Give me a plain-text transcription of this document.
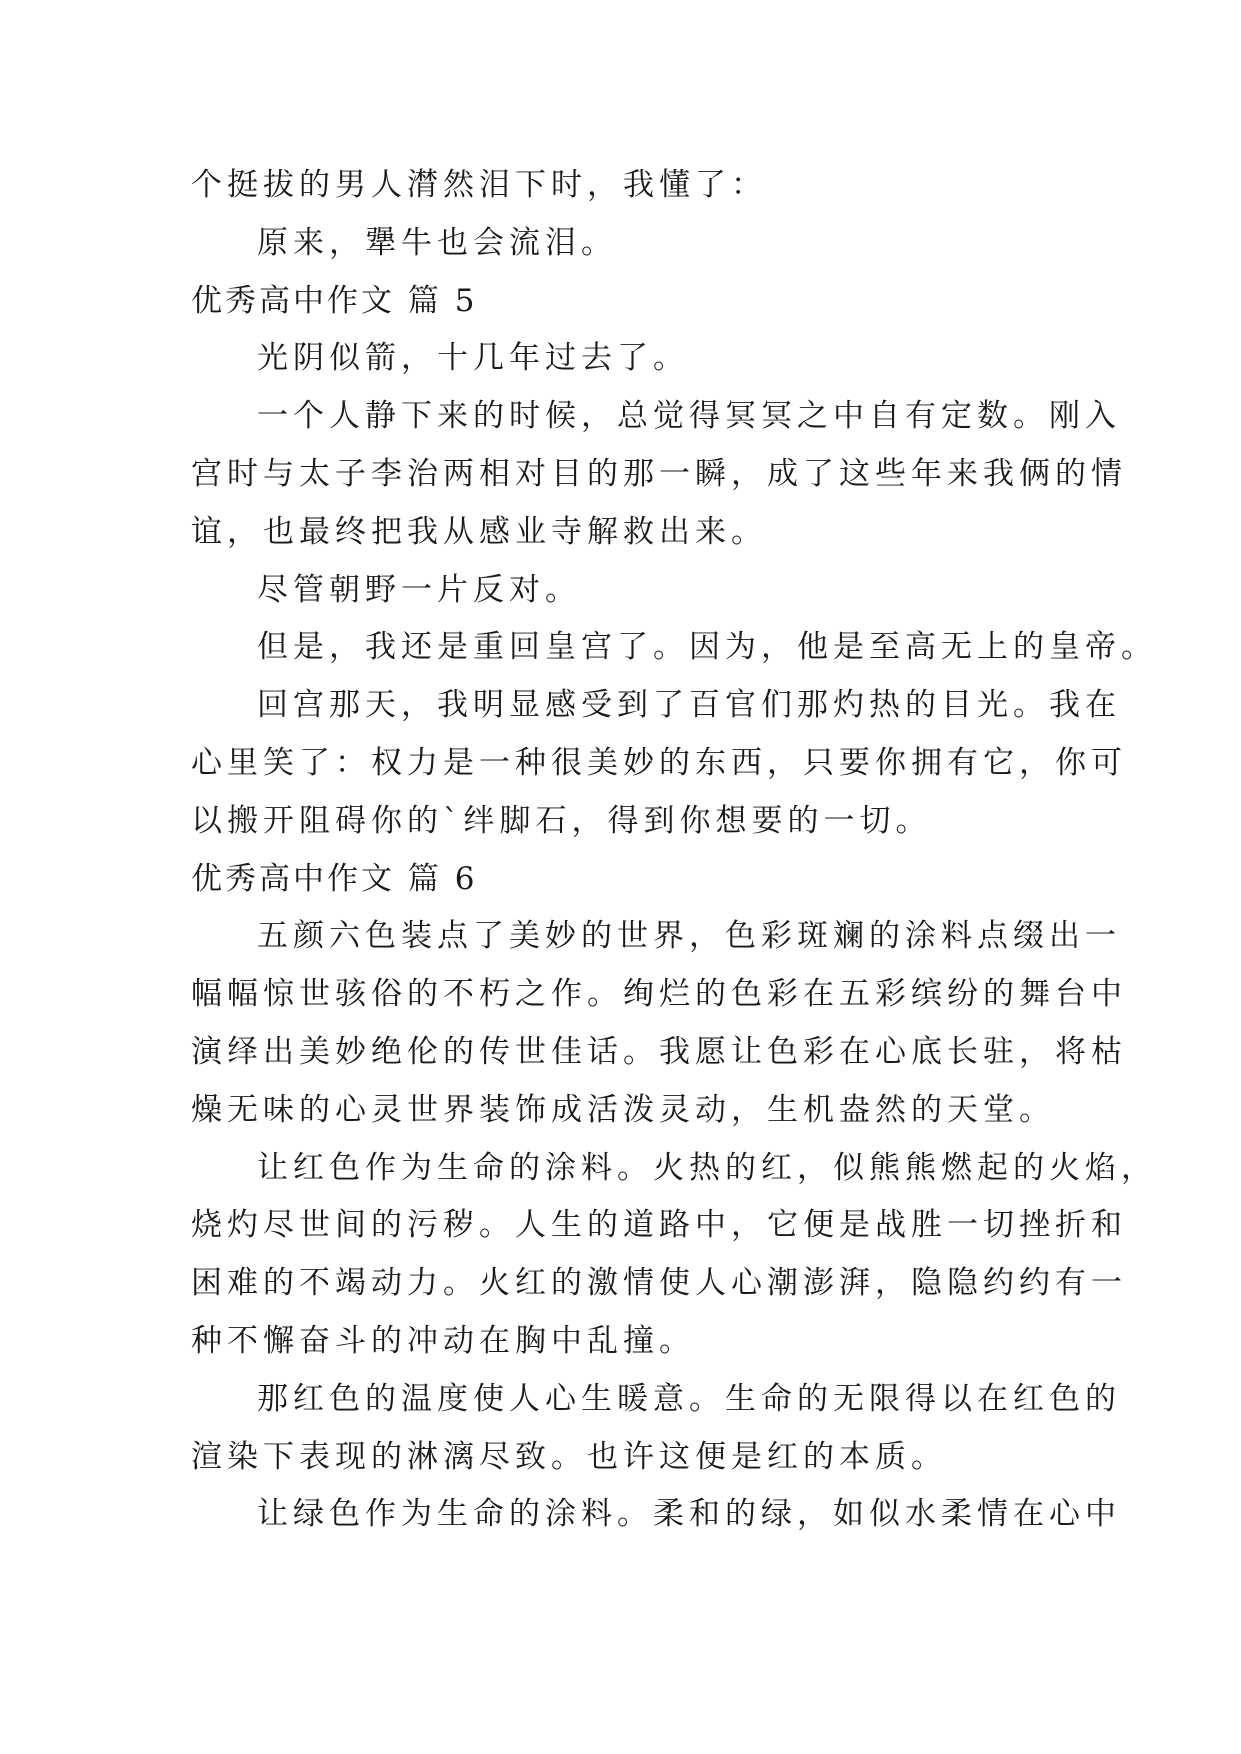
个挺拔的男人潸然泪下时，我懂了：

原来，犟牛也会流泪。

优秀高中作文 篇 5

光阴似箭，十几年过去了。

一个人静下来的时候，总觉得冥冥之中自有定数。刚入

宫时与太子李治两相对目的那一瞬，成了这些年来我俩的情

谊，也最终把我从感业寺解救出来。

尽管朝野一片反对。

但是，我还是重回皇宫了。因为，他是至高无上的皇帝。

回宫那天，我明显感受到了百官们那灼热的目光。我在

心里笑了：权力是一种很美妙的东西，只要你拥有它，你可

以搬开阻碍你的`绊脚石，得到你想要的一切。

优秀高中作文 篇 6

五颜六色装点了美妙的世界，色彩斑斓的涂料点缀出一

幅幅惊世骇俗的不朽之作。绚烂的色彩在五彩缤纷的舞台中

演绎出美妙绝伦的传世佳话。我愿让色彩在心底长驻，将枯

燥无味的心灵世界装饰成活泼灵动，生机盎然的天堂。

让红色作为生命的涂料。火热的红，似熊熊燃起的火焰，

烧灼尽世间的污秽。人生的道路中，它便是战胜一切挫折和

困难的不竭动力。火红的激情使人心潮澎湃，隐隐约约有一

种不懈奋斗的冲动在胸中乱撞。

那红色的温度使人心生暖意。生命的无限得以在红色的

渲染下表现的淋漓尽致。也许这便是红的本质。

让绿色作为生命的涂料。柔和的绿，如似水柔情在心中
